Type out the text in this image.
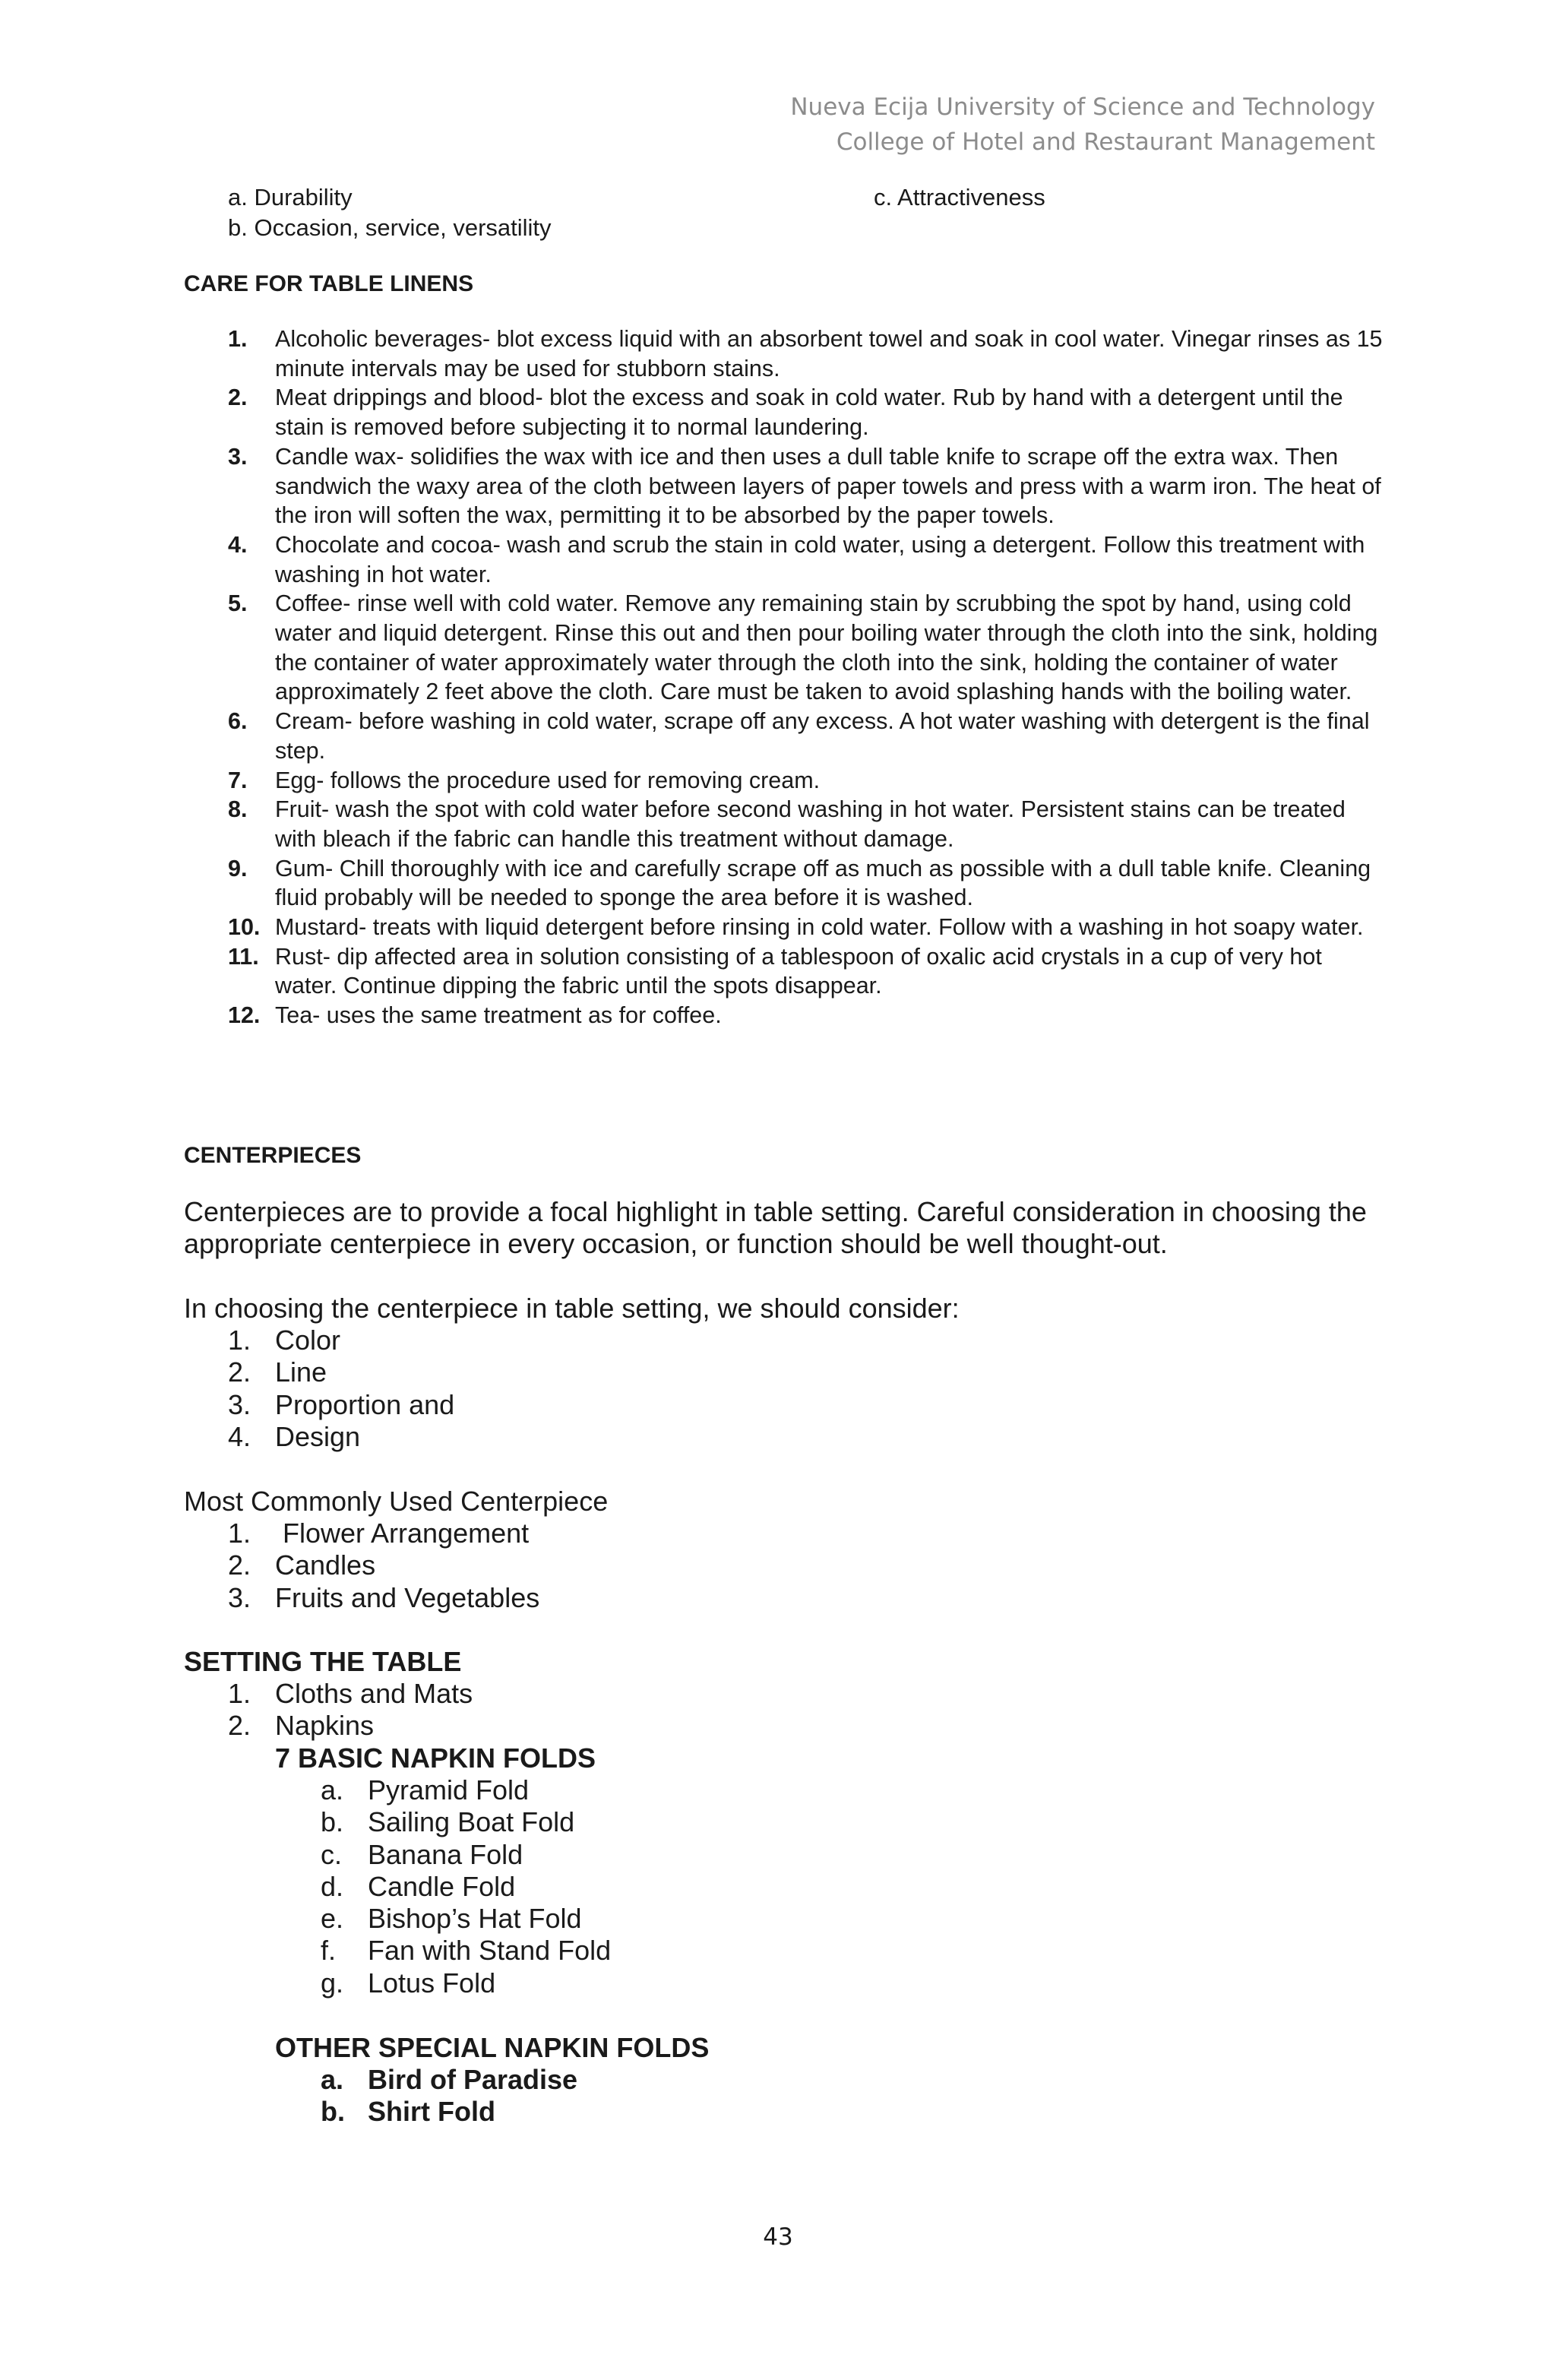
Nueva Ecija University of Science and Technology
College of Hotel and Restaurant Management
a. Durability
b. Occasion, service, versatility
c. Attractiveness
CARE FOR TABLE LINENS
1. Alcoholic beverages- blot excess liquid with an absorbent towel and soak in cool water. Vinegar rinses as 15 minute intervals may be used for stubborn stains.
2. Meat drippings and blood- blot the excess and soak in cold water. Rub by hand with a detergent until the stain is removed before subjecting it to normal laundering.
3. Candle wax- solidifies the wax with ice and then uses a dull table knife to scrape off the extra wax. Then sandwich the waxy area of the cloth between layers of paper towels and press with a warm iron. The heat of the iron will soften the wax, permitting it to be absorbed by the paper towels.
4. Chocolate and cocoa- wash and scrub the stain in cold water, using a detergent. Follow this treatment with washing in hot water.
5. Coffee- rinse well with cold water. Remove any remaining stain by scrubbing the spot by hand, using cold water and liquid detergent. Rinse this out and then pour boiling water through the cloth into the sink, holding the container of water approximately water through the cloth into the sink, holding the container of water approximately 2 feet above the cloth. Care must be taken to avoid splashing hands with the boiling water.
6. Cream- before washing in cold water, scrape off any excess. A hot water washing with detergent is the final step.
7. Egg- follows the procedure used for removing cream.
8. Fruit- wash the spot with cold water before second washing in hot water. Persistent stains can be treated with bleach if the fabric can handle this treatment without damage.
9. Gum- Chill thoroughly with ice and carefully scrape off as much as possible with a dull table knife. Cleaning fluid probably will be needed to sponge the area before it is washed.
10. Mustard- treats with liquid detergent before rinsing in cold water. Follow with a washing in hot soapy water.
11. Rust- dip affected area in solution consisting of a tablespoon of oxalic acid crystals in a cup of very hot water. Continue dipping the fabric until the spots disappear.
12. Tea- uses the same treatment as for coffee.
CENTERPIECES
Centerpieces are to provide a focal highlight in table setting. Careful consideration in choosing the appropriate centerpiece in every occasion, or function should be well thought-out.
In choosing the centerpiece in table setting, we should consider:
1. Color
2. Line
3. Proportion and
4. Design
Most Commonly Used Centerpiece
1. Flower Arrangement
2. Candles
3. Fruits and Vegetables
SETTING THE TABLE
1. Cloths and Mats
2. Napkins
7 BASIC NAPKIN FOLDS
a. Pyramid Fold
b. Sailing Boat Fold
c. Banana Fold
d. Candle Fold
e. Bishop’s Hat Fold
f. Fan with Stand Fold
g. Lotus Fold
OTHER SPECIAL NAPKIN FOLDS
a. Bird of Paradise
b. Shirt Fold
43
